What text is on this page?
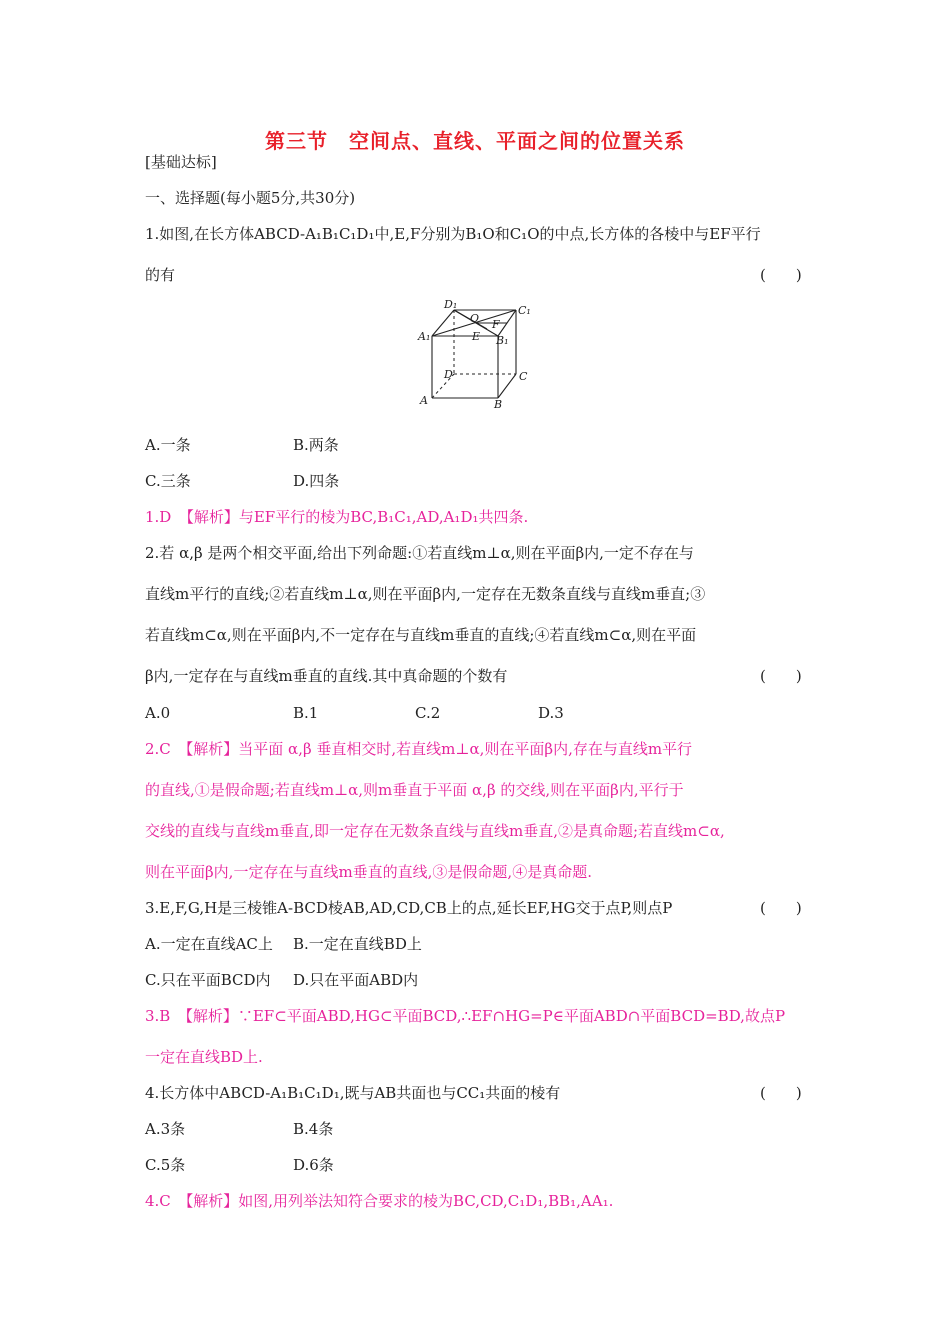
第三节　空间点、直线、平面之间的位置关系
[基础达标]
一、选择题(每小题5分,共30分)
1.如图,在长方体ABCD-A₁B₁C₁D₁中,E,F分别为B₁O和C₁O的中点,长方体的各棱中与EF平行
的有	(　　)
D₁	C₁
O F
A₁	E B₁
D	C
A	B
A.一条	B.两条
C.三条	D.四条
1.D　【解析】与EF平行的棱为BC,B₁C₁,AD,A₁D₁共四条.
2.若 α,β 是两个相交平面,给出下列命题:①若直线m⊥α,则在平面β内,一定不存在与
直线m平行的直线;②若直线m⊥α,则在平面β内,一定存在无数条直线与直线m垂直;③
若直线m⊂α,则在平面β内,不一定存在与直线m垂直的直线;④若直线m⊂α,则在平面
β内,一定存在与直线m垂直的直线.其中真命题的个数有	(　　)
A.0	B.1	C.2	D.3
2.C　【解析】当平面 α,β 垂直相交时,若直线m⊥α,则在平面β内,存在与直线m平行
的直线,①是假命题;若直线m⊥α,则m垂直于平面 α,β 的交线,则在平面β内,平行于
交线的直线与直线m垂直,即一定存在无数条直线与直线m垂直,②是真命题;若直线m⊂α,
则在平面β内,一定存在与直线m垂直的直线,③是假命题,④是真命题.
3.E,F,G,H是三棱锥A-BCD棱AB,AD,CD,CB上的点,延长EF,HG交于点P,则点P	(　　)
A.一定在直线AC上 B.一定在直线BD上
C.只在平面BCD内 D.只在平面ABD内
3.B　【解析】∵EF⊂平面ABD,HG⊂平面BCD,∴EF∩HG=P∈平面ABD∩平面BCD=BD,故点P
一定在直线BD上.
4.长方体中ABCD-A₁B₁C₁D₁,既与AB共面也与CC₁共面的棱有	(　　)
A.3条	B.4条
C.5条	D.6条
4.C　【解析】如图,用列举法知符合要求的棱为BC,CD,C₁D₁,BB₁,AA₁.
